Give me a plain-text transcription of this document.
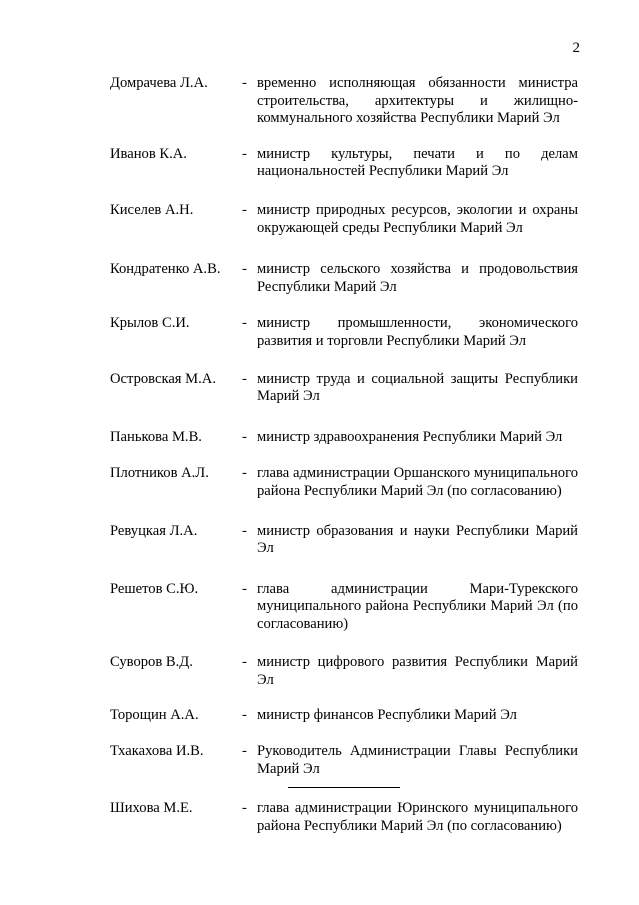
2
Домрачева Л.А.	- временно исполняющая обязанности министра строительства, архитектуры и жилищно-коммунального хозяйства Республики Марий Эл
Иванов К.А.	- министр культуры, печати и по делам национальностей Республики Марий Эл
Киселев А.Н.	- министр природных ресурсов, экологии и охраны окружающей среды Республики Марий Эл
Кондратенко А.В.	- министр сельского хозяйства и продовольствия Республики Марий Эл
Крылов С.И.	- министр промышленности, экономического развития и торговли Республики Марий Эл
Островская М.А.	- министр труда и социальной защиты Республики Марий Эл
Панькова М.В.	- министр здравоохранения Республики Марий Эл
Плотников А.Л.	- глава администрации Оршанского муниципального района Республики Марий Эл (по согласованию)
Ревуцкая Л.А.	- министр образования и науки Республики Марий Эл
Решетов С.Ю.	- глава администрации Мари-Турекского муниципального района Республики Марий Эл (по согласованию)
Суворов В.Д.	- министр цифрового развития Республики Марий Эл
Торощин А.А.	- министр финансов Республики Марий Эл
Тхакахова И.В.	- Руководитель Администрации Главы Республики Марий Эл
Шихова М.Е.	- глава администрации Юринского муниципального района Республики Марий Эл (по согласованию)
